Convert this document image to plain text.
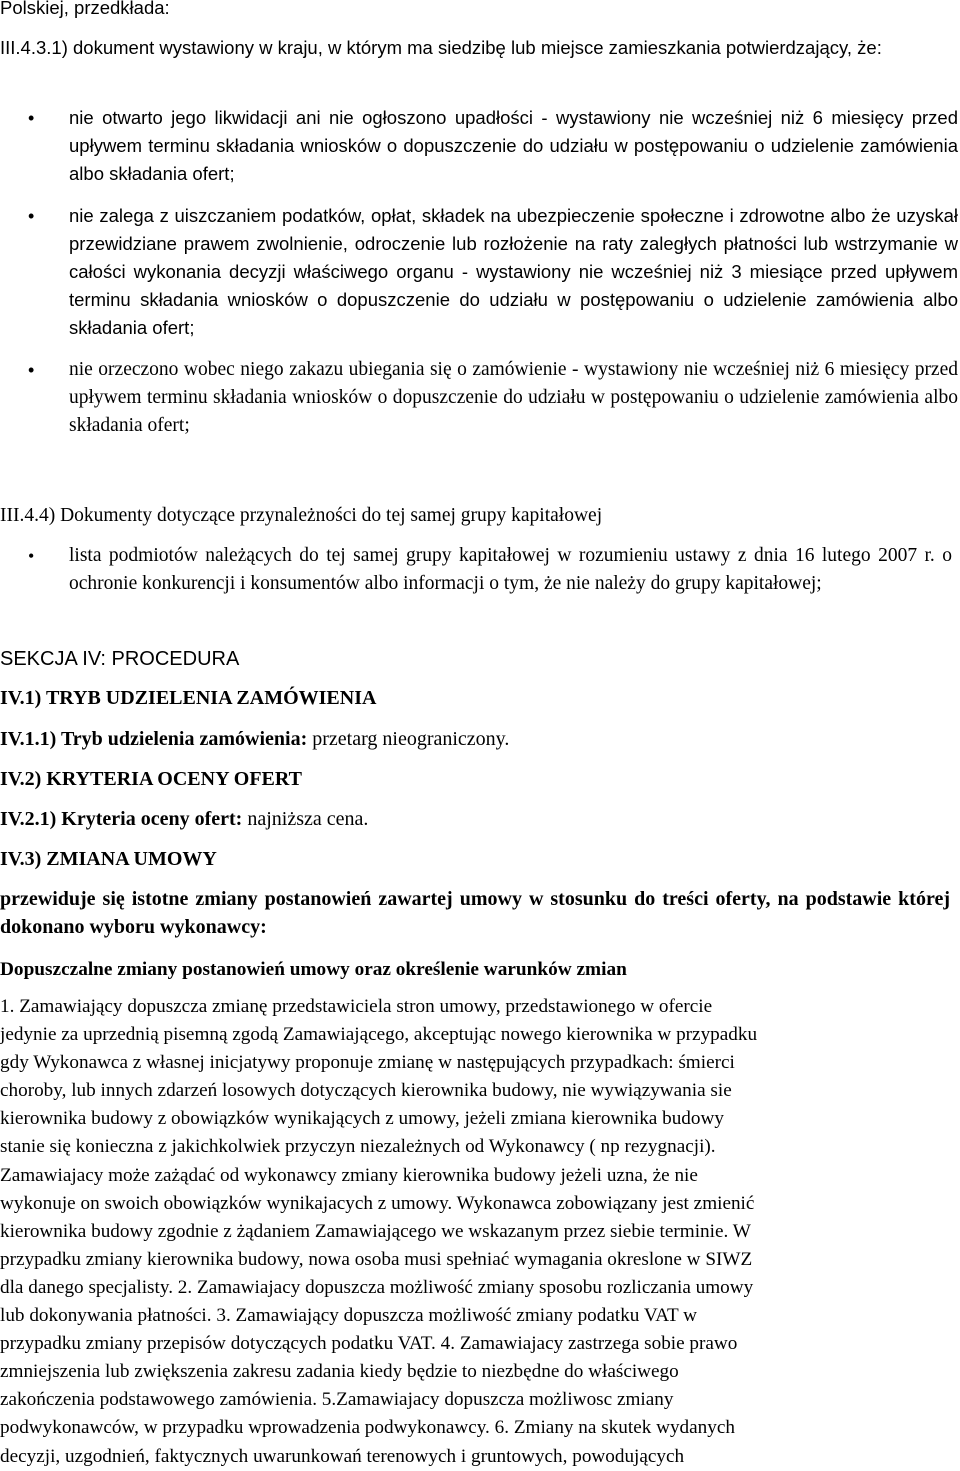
Polskiej, przedkłada:

III.4.3.1) dokument wystawiony w kraju, w którym ma siedzibę lub miejsce zamieszkania potwierdzający, że:

• nie otwarto jego likwidacji ani nie ogłoszono upadłości - wystawiony nie wcześniej niż 6 miesięcy przed upływem terminu składania wniosków o dopuszczenie do udziału w postępowaniu o udzielenie zamówienia albo składania ofert;

• nie zalega z uiszczaniem podatków, opłat, składek na ubezpieczenie społeczne i zdrowotne albo że uzyskał przewidziane prawem zwolnienie, odroczenie lub rozłożenie na raty zaległych płatności lub wstrzymanie w całości wykonania decyzji właściwego organu - wystawiony nie wcześniej niż 3 miesiące przed upływem terminu składania wniosków o dopuszczenie do udziału w postępowaniu o udzielenie zamówienia albo składania ofert;

• nie orzeczono wobec niego zakazu ubiegania się o zamówienie - wystawiony nie wcześniej niż 6 miesięcy przed upływem terminu składania wniosków o dopuszczenie do udziału w postępowaniu o udzielenie zamówienia albo składania ofert;

III.4.4) Dokumenty dotyczące przynależności do tej samej grupy kapitałowej

• lista podmiotów należących do tej samej grupy kapitałowej w rozumieniu ustawy z dnia 16 lutego 2007 r. o ochronie konkurencji i konsumentów albo informacji o tym, że nie należy do grupy kapitałowej;

SEKCJA IV: PROCEDURA

IV.1) TRYB UDZIELENIA ZAMÓWIENIA

IV.1.1) Tryb udzielenia zamówienia: przetarg nieograniczony.

IV.2) KRYTERIA OCENY OFERT

IV.2.1) Kryteria oceny ofert: najniższa cena.

IV.3) ZMIANA UMOWY

przewiduje się istotne zmiany postanowień zawartej umowy w stosunku do treści oferty, na podstawie której dokonano wyboru wykonawcy:

Dopuszczalne zmiany postanowień umowy oraz określenie warunków zmian

1. Zamawiający dopuszcza zmianę przedstawiciela stron umowy, przedstawionego w ofercie

jedynie za uprzednią pisemną zgodą Zamawiającego, akceptując nowego kierownika w przypadku

gdy Wykonawca z własnej inicjatywy proponuje zmianę w następujących przypadkach: śmierci

choroby, lub innych zdarzeń losowych dotyczących kierownika budowy, nie wywiązywania sie

kierownika budowy z obowiązków wynikających z umowy, jeżeli zmiana kierownika budowy

stanie się konieczna z jakichkolwiek przyczyn niezależnych od Wykonawcy ( np rezygnacji).

Zamawiajacy może zażądać od wykonawcy zmiany kierownika budowy jeżeli uzna, że nie

wykonuje on swoich obowiązków wynikajacych z umowy. Wykonawca zobowiązany jest zmienić

kierownika budowy zgodnie z żądaniem Zamawiającego we wskazanym przez siebie terminie. W

przypadku zmiany kierownika budowy, nowa osoba musi spełniać wymagania okreslone w SIWZ

dla danego specjalisty. 2. Zamawiajacy dopuszcza możliwość zmiany sposobu rozliczania umowy

lub dokonywania płatności. 3. Zamawiający dopuszcza możliwość zmiany podatku VAT w

przypadku zmiany przepisów dotyczących podatku VAT. 4. Zamawiajacy zastrzega sobie prawo

zmniejszenia lub zwiększenia zakresu zadania kiedy będzie to niezbędne do właściwego

zakończenia podstawowego zamówienia. 5.Zamawiajacy dopuszcza możliwosc zmiany

podwykonawców, w przypadku wprowadzenia podwykonawcy. 6. Zmiany na skutek wydanych

decyzji, uzgodnień, faktycznych uwarunkowań terenowych i gruntowych, powodujących
